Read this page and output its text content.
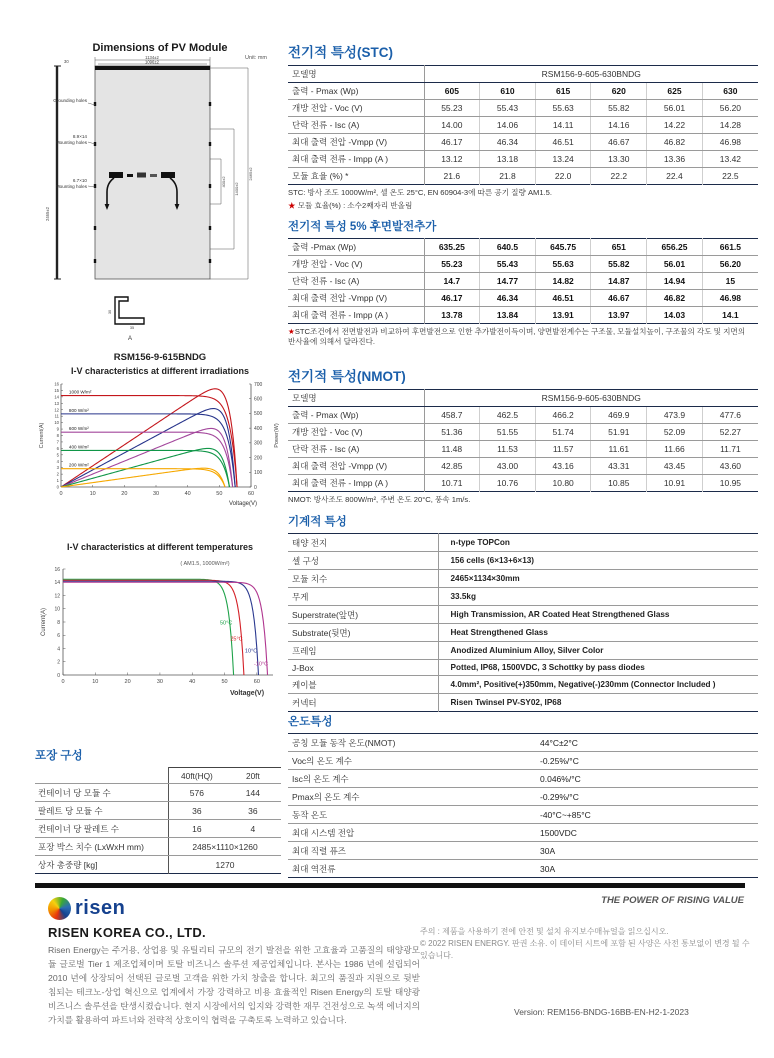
Dimensions of PV Module
Unit: mm
1134±2
1096±2
30
2465±2
Grounding holes
8.9×14
Mounting holes
6.7×10
Mounting holes	400±2
1400±2
2465±2
30
35
A
RSM156-9-615BNDG
I-V characteristics at different irradiations
0
1
2
3
4
5
6
7
8
9
10
11
12
13
14
15
16
0
100
200
300
400
500
600
700
0	10	20	30	40	50	60
Current(A)	Power(W)
Voltage(V)
1000 W/m²
800 W/m²
600 W/m²
400 W/m²
200 W/m²
I-V characteristics at different temperatures
0
2
4
6
8
10
12
14
16
0	10	20	30	40	50	60
Current(A)
Voltage(V)
( AM1.5, 1000W/m²)
50°C
25°C
10°C
-10°C
포장 구성
	40ft(HQ)	20ft
컨테이너 당 모듈 수	576	144
팔레트 당 모듈 수	36	36
컨테이너 당 팔레트 수	16	4
포장 박스 치수 (LxWxH mm)	2485×1110×1260	
상자 총중량 [kg]	1270	
전기적 특성(STC)
모델명	RSM156-9-605-630BNDG					
출력 - Pmax (Wp)	605	610	615	620	625	630
개방 전압 - Voc (V)	55.23	55.43	55.63	55.82	56.01	56.20
단락 전류 - Isc (A)	14.00	14.06	14.11	14.16	14.22	14.28
최대 출력 전압 -Vmpp (V)	46.17	46.34	46.51	46.67	46.82	46.98
최대 출력 전류 - Impp (A )	13.12	13.18	13.24	13.30	13.36	13.42
모듈 효율 (%) *	21.6	21.8	22.0	22.2	22.4	22.5
STC: 방사 조도 1000W/m², 셀 온도 25°C, EN 60904-3에 따른 공기 질량 AM1.5.
★ 모듈 효율(%) : 소수2째자리 반올림
전기적 특성 5% 후면발전추가
출력 -Pmax (Wp)	635.25	640.5	645.75	651	656.25	661.5
개방 전압 - Voc (V)	55.23	55.43	55.63	55.82	56.01	56.20
단락 전류 - Isc (A)	14.7	14.77	14.82	14.87	14.94	15
최대 출력 전압 -Vmpp (V)	46.17	46.34	46.51	46.67	46.82	46.98
최대 출력 전류 - Impp (A )	13.78	13.84	13.91	13.97	14.03	14.1
★STC조건에서 전면발전과 비교하여 후면발전으로 인한 추가발전이득이며, 양면발전계수는 구조물, 모듈설치높이, 구조물의 각도 및 지면의 반사율에 의해서 달라진다.
전기적 특성(NMOT)
모델명	RSM156-9-605-630BNDG					
출력 - Pmax (Wp)	458.7	462.5	466.2	469.9	473.9	477.6
개방 전압 - Voc (V)	51.36	51.55	51.74	51.91	52.09	52.27
단락 전류 - Isc (A)	11.48	11.53	11.57	11.61	11.66	11.71
최대 출력 전압 -Vmpp (V)	42.85	43.00	43.16	43.31	43.45	43.60
최대 출력 전류 - Impp (A )	10.71	10.76	10.80	10.85	10.91	10.95
NMOT: 방사조도 800W/m², 주변 온도 20°C, 풍속 1m/s.
기계적 특성
태양 전지	n-type TOPCon
셀 구성	156 cells (6×13+6×13)
모듈 치수	2465×1134×30mm
무게	33.5kg
Superstrate(앞면)	High Transmission, AR Coated Heat Strengthened Glass
Substrate(뒷면)	Heat Strengthened Glass
프레임	Anodized Aluminium Alloy, Silver Color
J-Box	Potted, IP68, 1500VDC, 3 Schottky by pass diodes
케이블	4.0mm², Positive(+)350mm, Negative(-)230mm (Connector Included )
커넥터	Risen Twinsel PV-SY02, IP68
온도특성
공칭 모듈 동작 온도(NMOT)	44°C±2°C
Voc의 온도 계수	-0.25%/°C
Isc의 온도 계수	0.046%/°C
Pmax의 온도 계수	-0.29%/°C
동작 온도	-40°C~+85°C
최대 시스템 전압	1500VDC
최대 직렬 퓨즈	30A
최대 역전류	30A
THE POWER OF RISING VALUE
risen
RISEN KOREA CO., LTD.
Risen Energy는 주거용, 상업용 및 유틸리티 규모의 전기 발전을 위한 고효율과 고품질의 태양광모듈 글로벌 Tier 1 제조업체이며 토탈 비즈니스 솔루션 제공업체입니다. 본사는 1986 년에 설립되어 2010 년에 상장되어 선택된 글로벌 고객을 위한 가치 창출을 합니다. 최고의 품질과 지원으로 뒷받침되는 테크노-상업 혁신으로 업계에서 가장 강력하고 비용 효율적인 Risen Energy의 토탈 태양광 비즈니스 솔루션을 탄생시켰습니다. 현지 시장에서의 입지와 강력한 재무 건전성으로 녹색 에너지의 가치를 활용하여 파트너와 전략적 상호이익 협력을 구축토록 노력하고 있습니다.
주의 : 제품을 사용하기 전에 안전 및 설치 유지보수매뉴얼을 읽으십시오.
© 2022 RISEN ENERGY. 판권 소유. 이 데이터 시트에 포함 된 사양은 사전 통보없이 변경 될 수 있습니다.
Version: REM156-BNDG-16BB-EN-H2-1-2023
